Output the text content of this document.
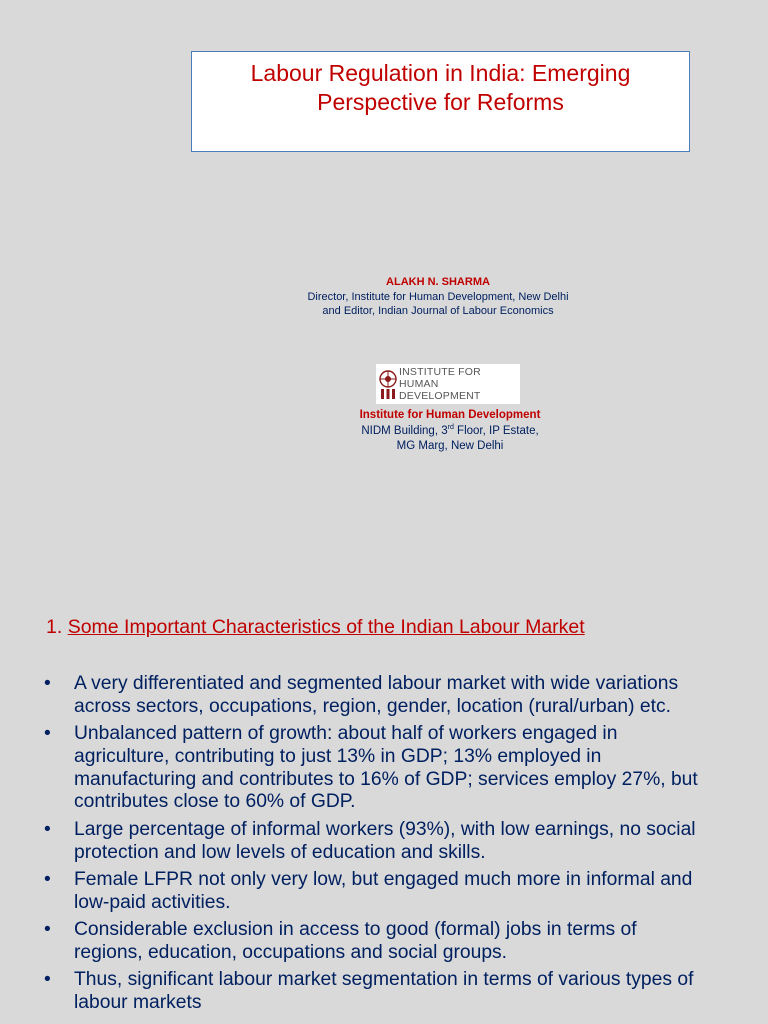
Labour Regulation in India: Emerging
Perspective for Reforms
ALAKH N. SHARMA
Director, Institute for Human Development, New Delhi
and Editor, Indian Journal of Labour Economics
INSTITUTE FOR
HUMAN DEVELOPMENT
Institute for Human Development
NIDM Building, 3rd Floor, IP Estate,
MG Marg, New Delhi
1. Some Important Characteristics of the Indian Labour Market
• A very differentiated and segmented labour market with wide variations across sectors, occupations, region, gender, location (rural/urban) etc.
• Unbalanced pattern of growth: about half of workers engaged in agriculture, contributing to just 13% in GDP; 13% employed in manufacturing and contributes to 16% of GDP; services employ 27%, but contributes close to 60% of GDP.
• Large percentage of informal workers (93%), with low earnings, no social protection and low levels of education and skills.
• Female LFPR not only very low, but engaged much more in informal and low-paid activities.
• Considerable exclusion in access to good (formal) jobs in terms of regions, education, occupations and social groups.
• Thus, significant labour market segmentation in terms of various types of labour markets
